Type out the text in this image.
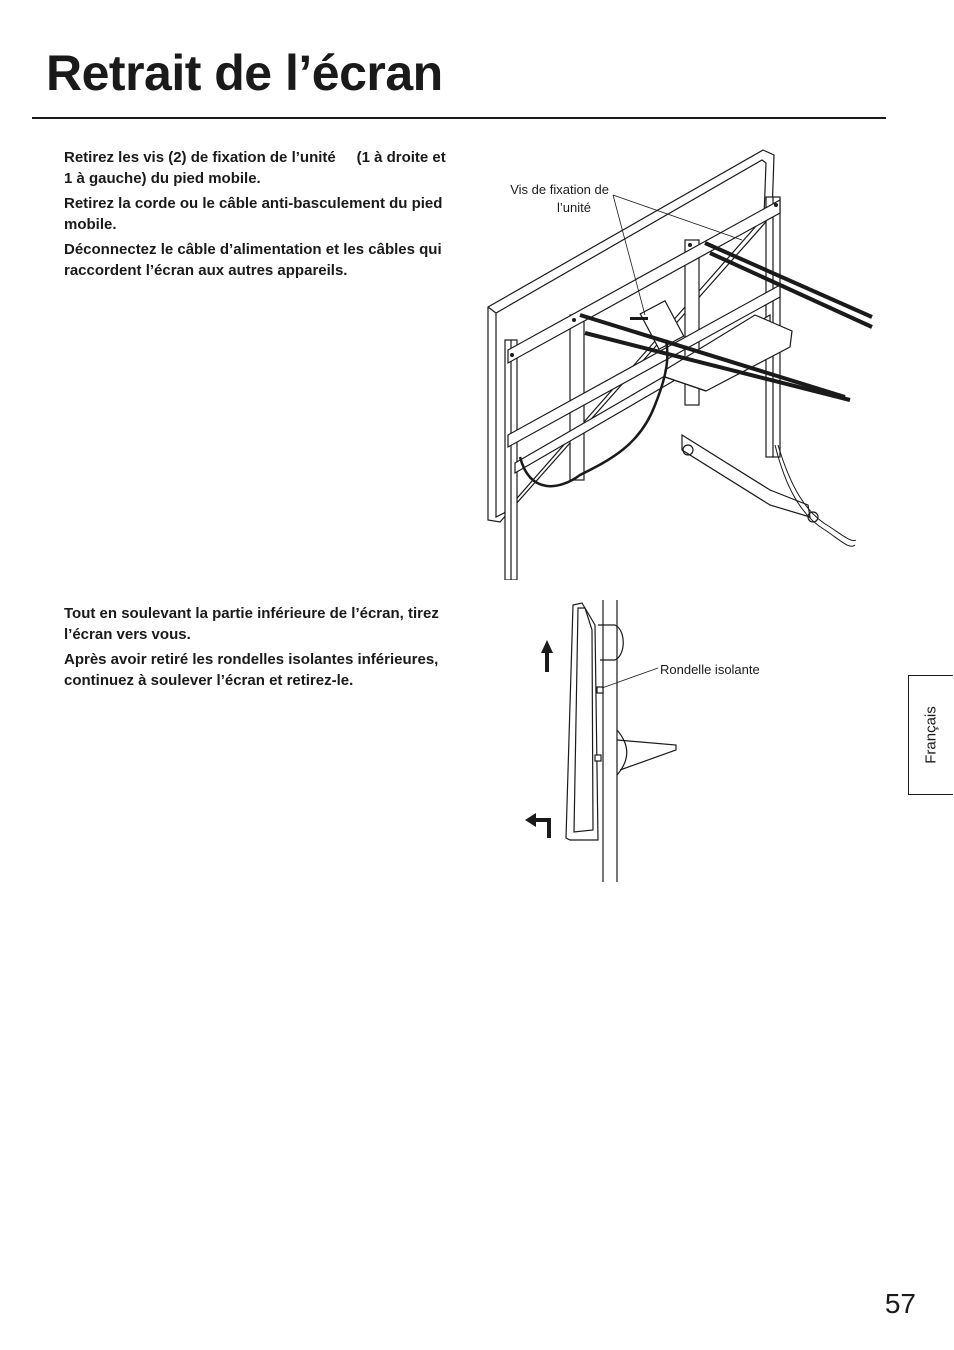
Retrait de l’écran
Retirez les vis (2) de fixation de l’unité     (1 à droite et 1 à gauche) du pied mobile.
Retirez la corde ou le câble anti-basculement du pied mobile.
Déconnectez le câble d’alimentation et les câbles qui raccordent l’écran aux autres appareils.
Vis de fixation de
l’unité
Tout en soulevant la partie inférieure de l’écran, tirez l’écran vers vous.
Après avoir retiré les rondelles isolantes inférieures, continuez à soulever l’écran et retirez-le.
Rondelle isolante
Français
57
